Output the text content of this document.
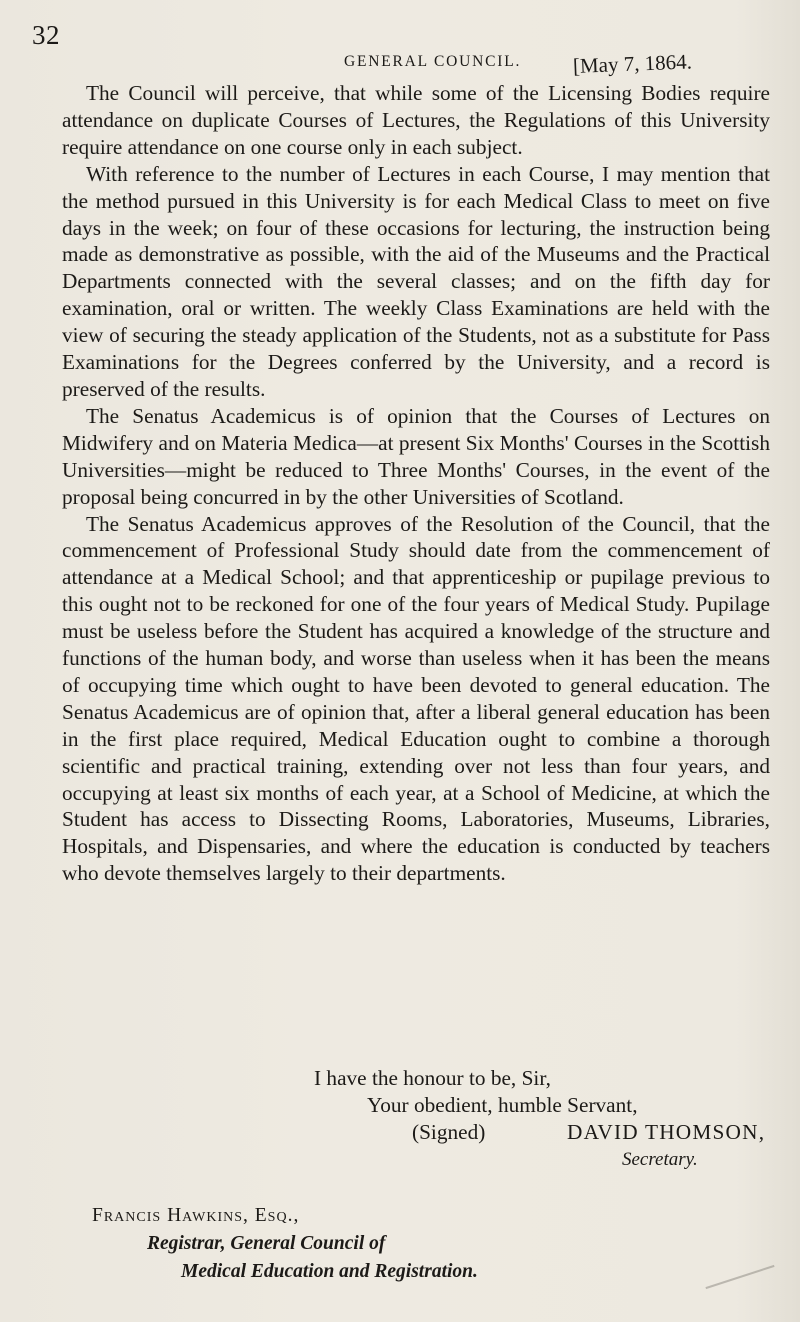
32
GENERAL COUNCIL. [May 7, 1864.

The Council will perceive, that while some of the Licensing Bodies require attendance on duplicate Courses of Lectures, the Regulations of this University require attendance on one course only in each subject.

With reference to the number of Lectures in each Course, I may mention that the method pursued in this University is for each Medical Class to meet on five days in the week; on four of these occasions for lecturing, the instruction being made as demonstrative as possible, with the aid of the Museums and the Practical Departments connected with the several classes; and on the fifth day for examination, oral or written. The weekly Class Examinations are held with the view of securing the steady application of the Students, not as a substitute for Pass Examinations for the Degrees conferred by the University, and a record is preserved of the results.

The Senatus Academicus is of opinion that the Courses of Lectures on Midwifery and on Materia Medica—at present Six Months' Courses in the Scottish Universities—might be reduced to Three Months' Courses, in the event of the proposal being concurred in by the other Universities of Scotland.

The Senatus Academicus approves of the Resolution of the Council, that the commencement of Professional Study should date from the commencement of attendance at a Medical School; and that apprenticeship or pupilage previous to this ought not to be reckoned for one of the four years of Medical Study. Pupilage must be useless before the Student has acquired a knowledge of the structure and functions of the human body, and worse than useless when it has been the means of occupying time which ought to have been devoted to general education. The Senatus Academicus are of opinion that, after a liberal general education has been in the first place required, Medical Education ought to combine a thorough scientific and practical training, extending over not less than four years, and occupying at least six months of each year, at a School of Medicine, at which the Student has access to Dissecting Rooms, Laboratories, Museums, Libraries, Hospitals, and Dispensaries, and where the education is conducted by teachers who devote themselves largely to their departments.

I have the honour to be, Sir,
Your obedient, humble Servant,
(Signed)	DAVID THOMSON,
Secretary.
Francis Hawkins, Esq.,
Registrar, General Council of
Medical Education and Registration.
